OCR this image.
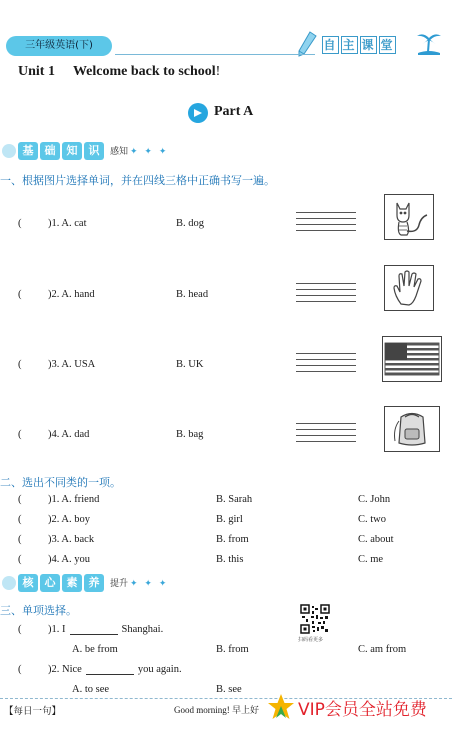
三年级英语(下)	自 主 课 堂
Unit 1 Welcome back to school!
Part A
基 础 知 识 感知 ✦ ✦ ✦
一、根据图片选择单词，并在四线三格中正确书写一遍。
(	)1. A. cat	B. dog
(	)2. A. hand	B. head
(	)3. A. USA	B. UK
(	)4. A. dad	B. bag
二、选出不同类的一项。
(	)1. A. friend	B. Sarah	C. John
(	)2. A. boy	B. girl	C. two
(	)3. A. back	B. from	C. about
(	)4. A. you	B. this	C. me
核 心 素 养 提升 ✦ ✦ ✦
三、单项选择。
扫码看更多
(	)1. I	Shanghai.
A. be from	B. from	C. am from
(	)2. Nice	you again.
A. to see	B. see
【每日一句】	Good morning! 早上好 VIP会员全站免费
